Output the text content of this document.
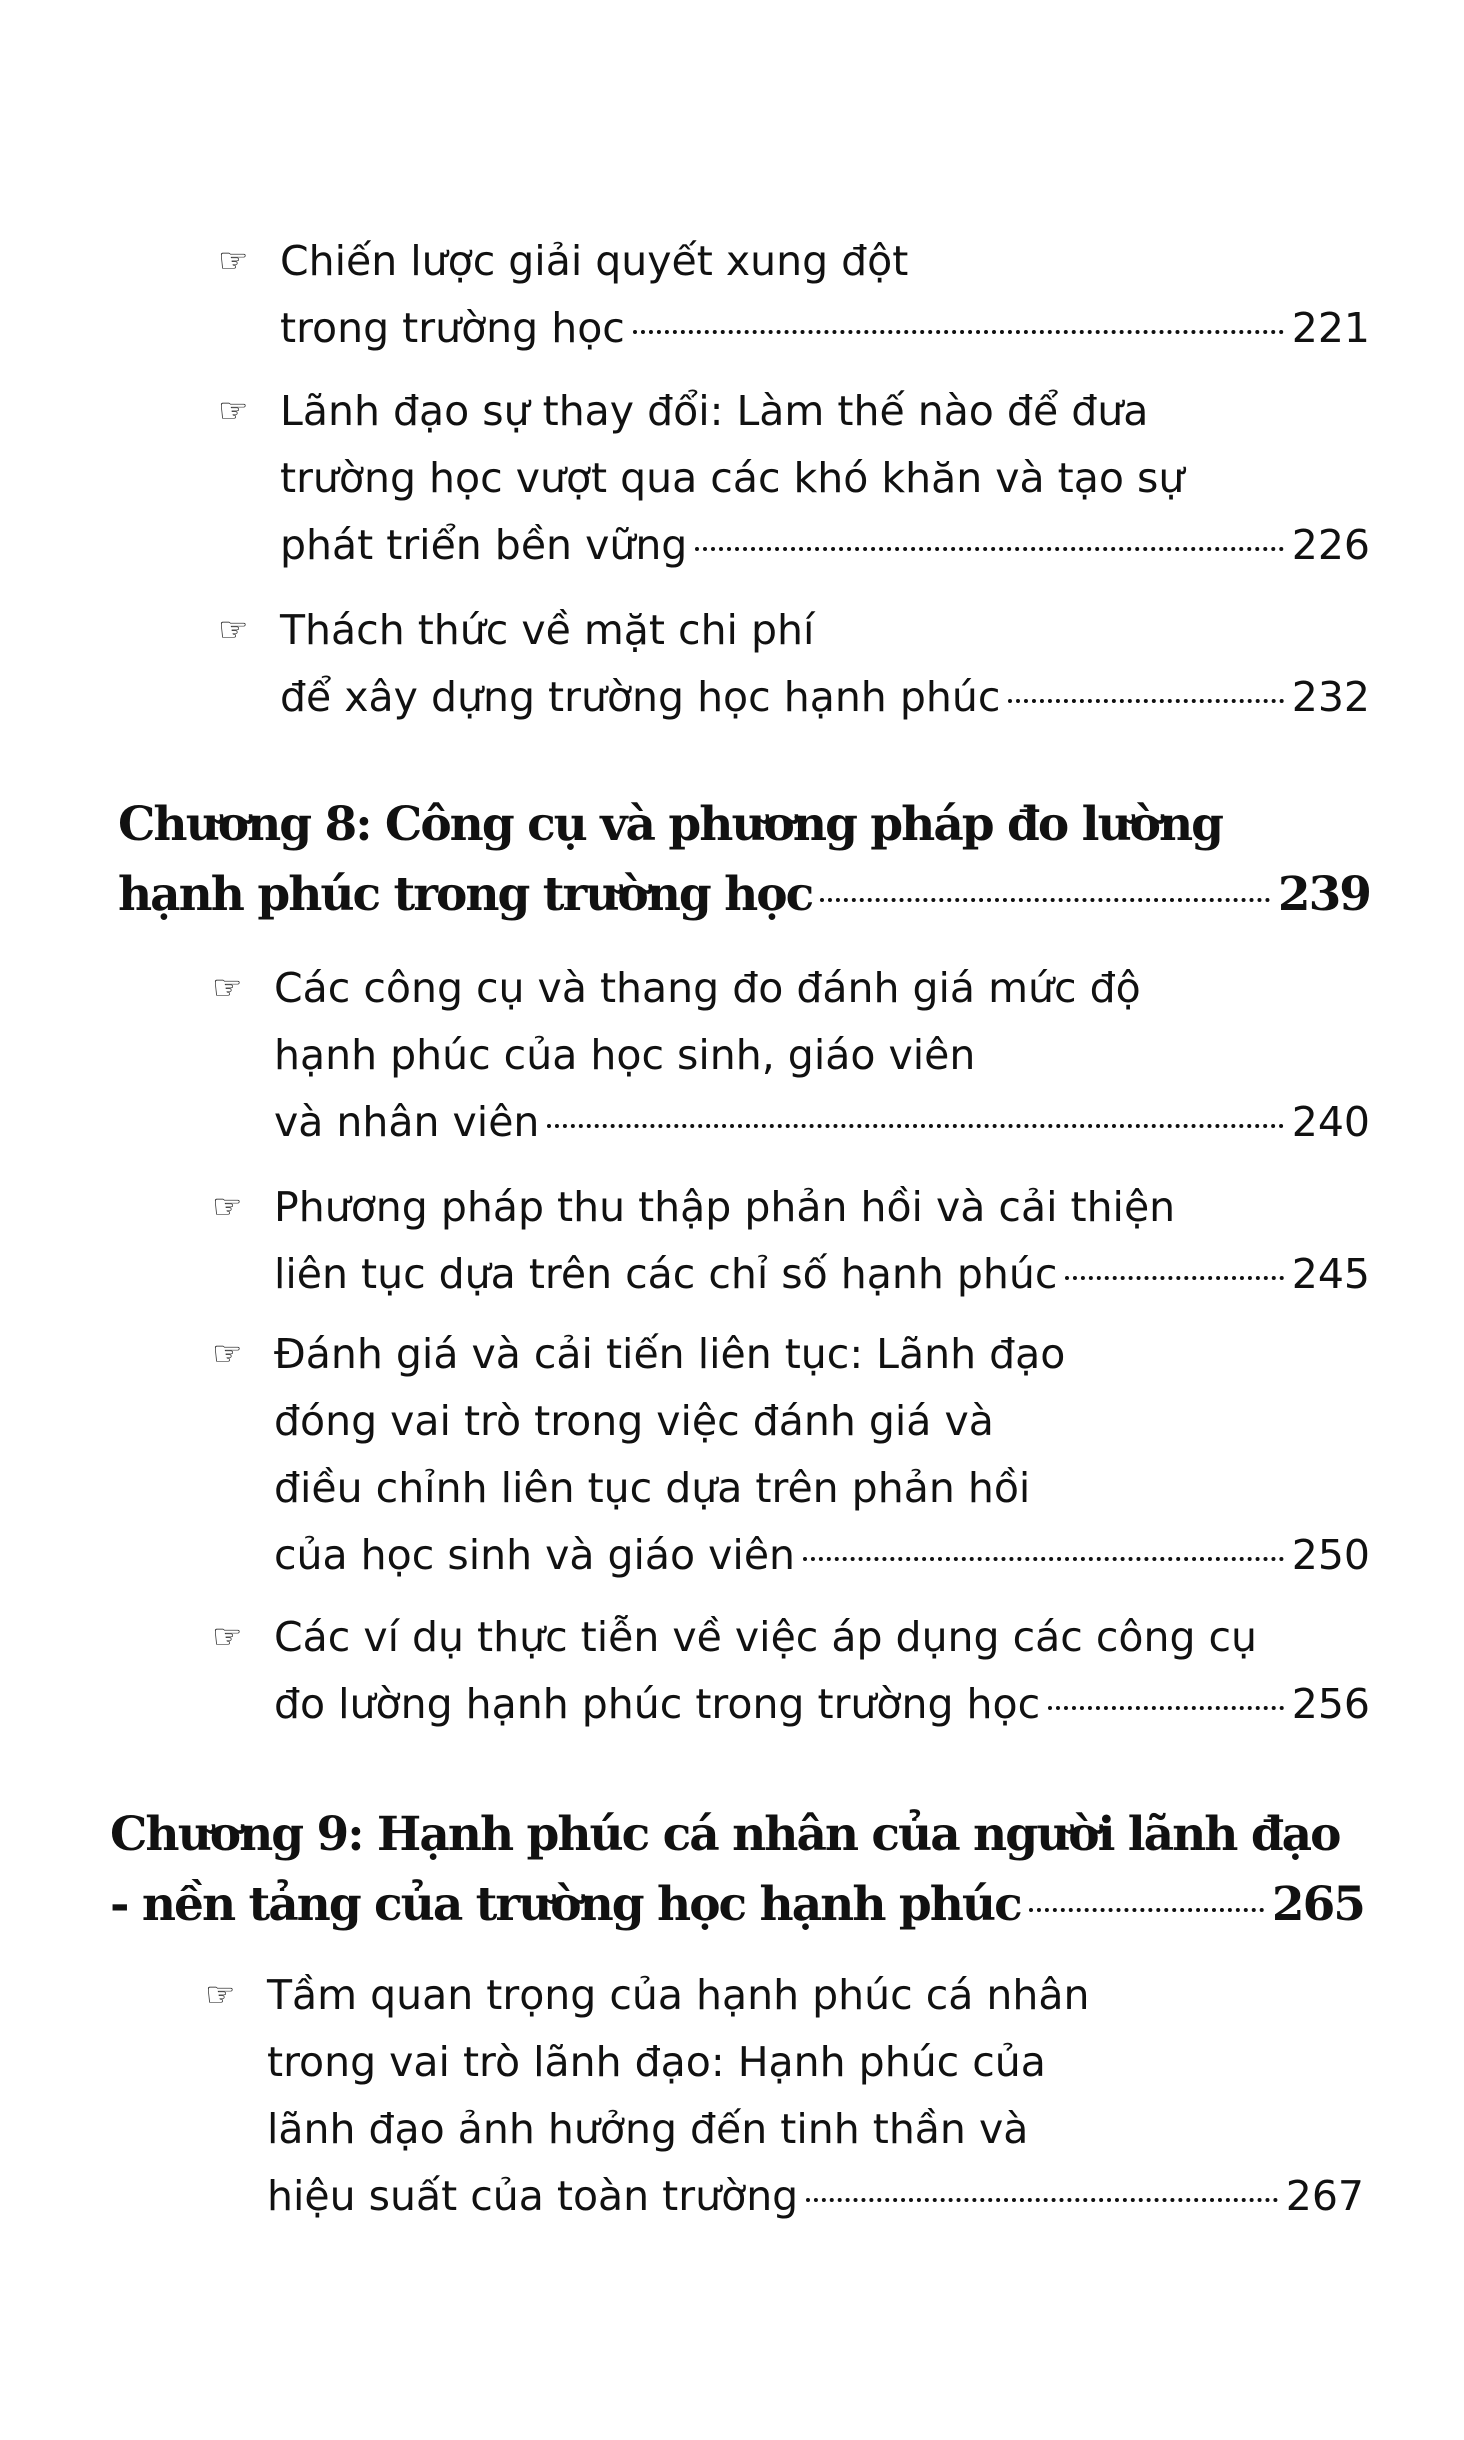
☞ Chiến lược giải quyết xung đột
trong trường học	221
☞ Lãnh đạo sự thay đổi: Làm thế nào để đưa
trường học vượt qua các khó khăn và tạo sự
phát triển bền vững	226
☞ Thách thức về mặt chi phí
để xây dựng trường học hạnh phúc	232
Chương 8: Công cụ và phương pháp đo lường
hạnh phúc trong trường học	239
☞ Các công cụ và thang đo đánh giá mức độ
hạnh phúc của học sinh, giáo viên
và nhân viên	240
☞ Phương pháp thu thập phản hồi và cải thiện
liên tục dựa trên các chỉ số hạnh phúc	245
☞ Đánh giá và cải tiến liên tục: Lãnh đạo
đóng vai trò trong việc đánh giá và
điều chỉnh liên tục dựa trên phản hồi
của học sinh và giáo viên	250
☞ Các ví dụ thực tiễn về việc áp dụng các công cụ
đo lường hạnh phúc trong trường học	256
Chương 9: Hạnh phúc cá nhân của người lãnh đạo
- nền tảng của trường học hạnh phúc	265
☞ Tầm quan trọng của hạnh phúc cá nhân
trong vai trò lãnh đạo: Hạnh phúc của
lãnh đạo ảnh hưởng đến tinh thần và
hiệu suất của toàn trường	267
